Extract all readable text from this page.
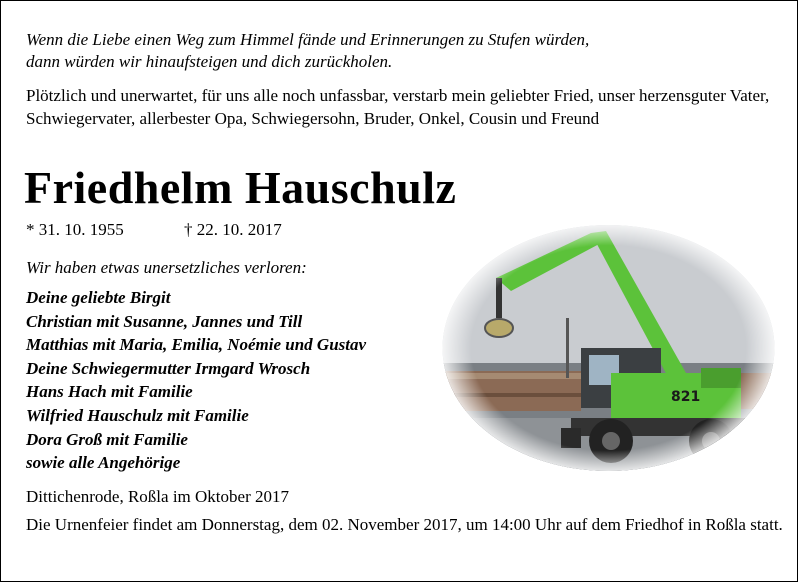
Wenn die Liebe einen Weg zum Himmel fände und Erinnerungen zu Stufen würden,
dann würden wir hinaufsteigen und dich zurückholen.
Plötzlich und unerwartet, für uns alle noch unfassbar, verstarb mein geliebter Fried, unser herzensguter Vater, Schwiegervater, allerbester Opa, Schwiegersohn, Bruder, Onkel, Cousin und Freund
Friedhelm Hauschulz
* 31. 10. 1955	† 22. 10. 2017
Wir haben etwas unersetzliches verloren:
Deine geliebte Birgit
Christian mit Susanne, Jannes und Till
Matthias mit Maria, Emilia, Noémie und Gustav
Deine Schwiegermutter Irmgard Wrosch
Hans Hach mit Familie
Wilfried Hauschulz mit Familie
Dora Groß mit Familie
sowie alle Angehörige
Dittichenrode, Roßla im Oktober 2017
Die Urnenfeier findet am Donnerstag, dem 02. November 2017, um 14:00 Uhr auf dem Friedhof in Roßla statt.
